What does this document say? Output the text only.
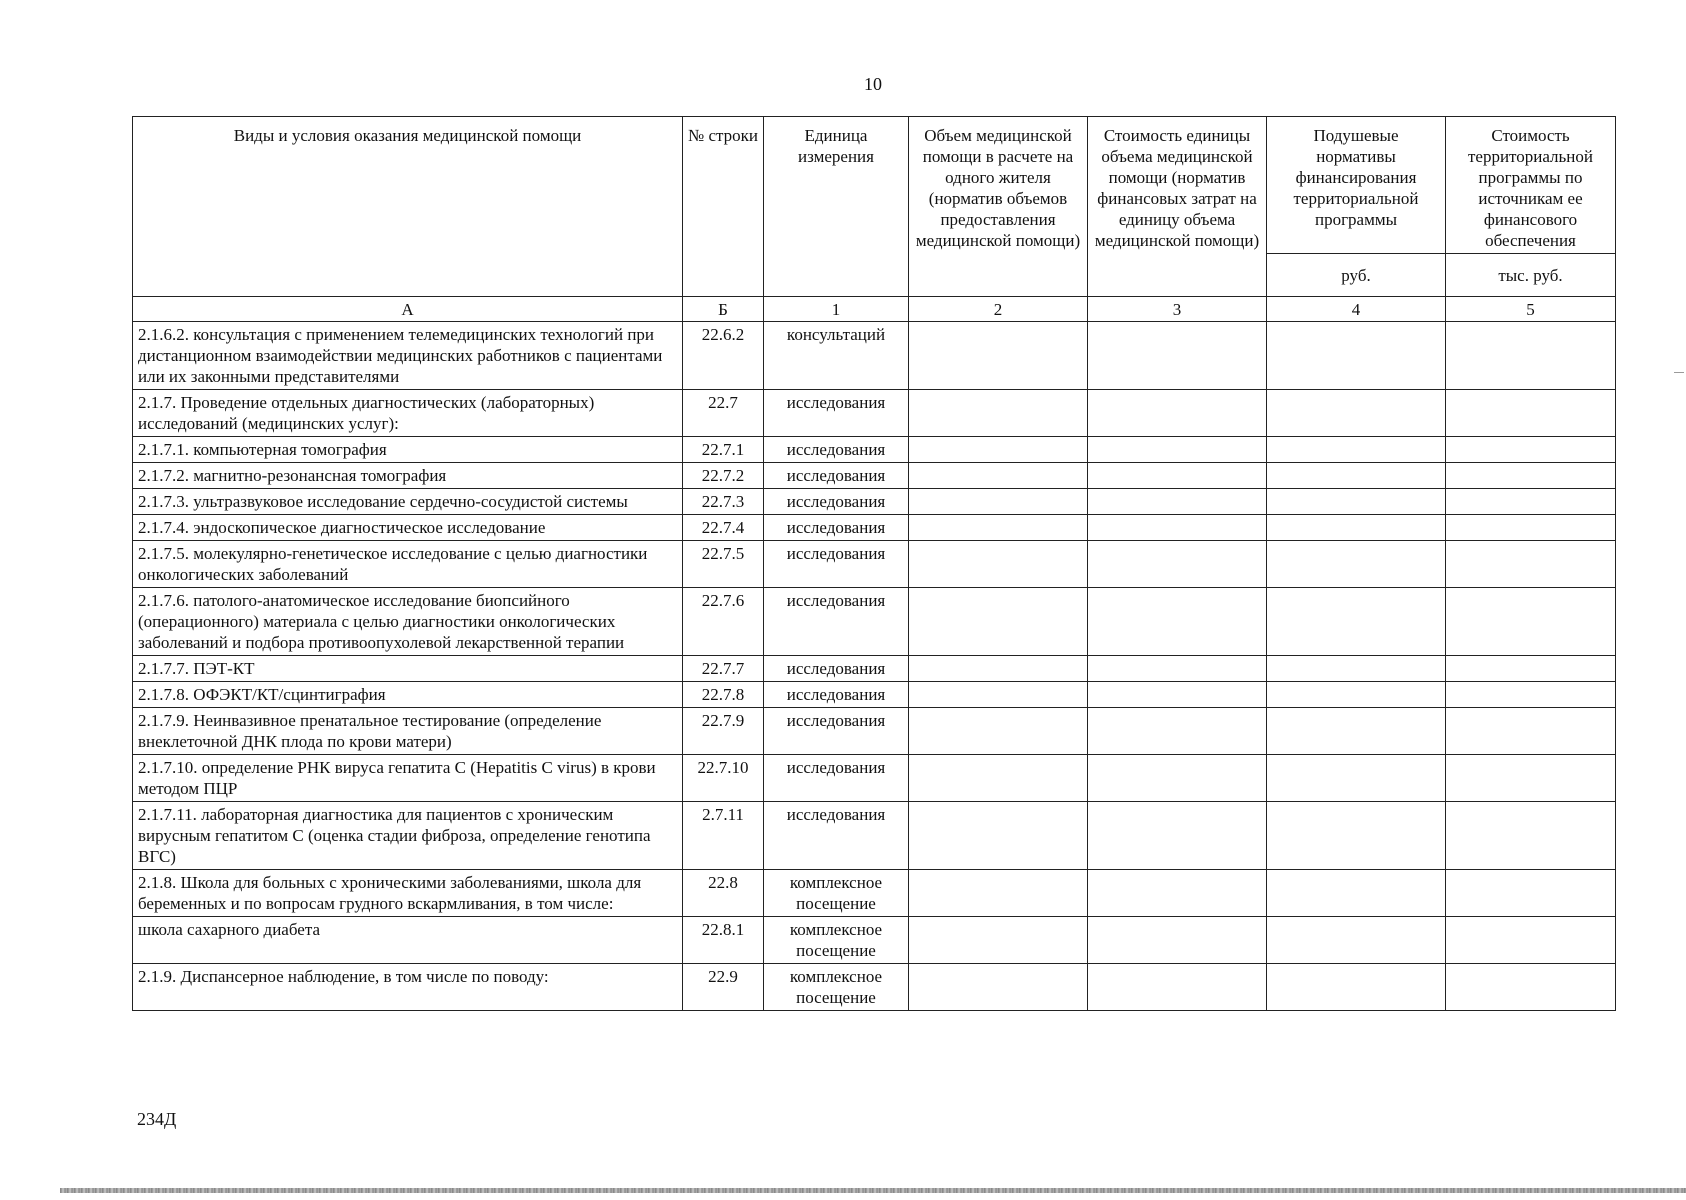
10
Виды и условия оказания медицинской помощи	№ строки	Единица измерения	Объем медицинской помощи в расчете на одного жителя (норматив объемов предоставления медицинской помощи)	Стоимость единицы объема медицинской помощи (норматив финансовых затрат на единицу объема медицинской помощи)	Подушевые нормативы финансирования территориальной программы	Стоимость территориальной программы по источникам ее финансового обеспечения
					руб.	тыс. руб.
А	Б	1	2	3	4	5
2.1.6.2. консультация с применением телемедицинских технологий при дистанционном взаимодействии медицинских работников с пациентами или их законными представителями	22.6.2	консультаций				
2.1.7. Проведение отдельных диагностических (лабораторных) исследований (медицинских услуг):	22.7	исследования				
2.1.7.1. компьютерная томография	22.7.1	исследования				
2.1.7.2. магнитно-резонансная томография	22.7.2	исследования				
2.1.7.3. ультразвуковое исследование сердечно-сосудистой системы	22.7.3	исследования				
2.1.7.4. эндоскопическое диагностическое исследование	22.7.4	исследования				
2.1.7.5. молекулярно-генетическое исследование с целью диагностики онкологических заболеваний	22.7.5	исследования				
2.1.7.6. патолого-анатомическое исследование биопсийного (операционного) материала с целью диагностики онкологических заболеваний и подбора противоопухолевой лекарственной терапии	22.7.6	исследования				
2.1.7.7. ПЭТ-КТ	22.7.7	исследования				
2.1.7.8. ОФЭКТ/КТ/сцинтиграфия	22.7.8	исследования				
2.1.7.9. Неинвазивное пренатальное тестирование (определение внеклеточной ДНК плода по крови матери)	22.7.9	исследования				
2.1.7.10. определение РНК вируса гепатита С (Hepatitis C virus) в крови методом ПЦР	22.7.10	исследования				
2.1.7.11. лабораторная диагностика для пациентов с хроническим вирусным гепатитом С (оценка стадии фиброза, определение генотипа ВГС)	2.7.11	исследования				
2.1.8. Школа для больных с хроническими заболеваниями, школа для беременных и по вопросам грудного вскармливания, в том числе:	22.8	комплексное посещение				
школа сахарного диабета	22.8.1	комплексное посещение				
2.1.9. Диспансерное наблюдение, в том числе по поводу:	22.9	комплексное посещение				
234Д
